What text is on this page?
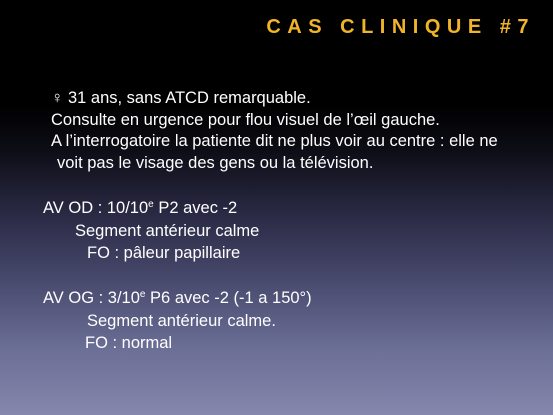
CAS CLINIQUE #7
♀ 31 ans, sans ATCD remarquable.
Consulte en urgence pour flou visuel de l’œil gauche.
A l’interrogatoire la patiente dit ne plus voir au centre : elle ne
voit pas le visage des gens ou la télévision.
AV OD : 10/10e P2 avec -2
Segment antérieur calme
FO : pâleur papillaire
AV OG : 3/10e P6 avec -2 (-1 a 150°)
Segment antérieur calme.
FO : normal
